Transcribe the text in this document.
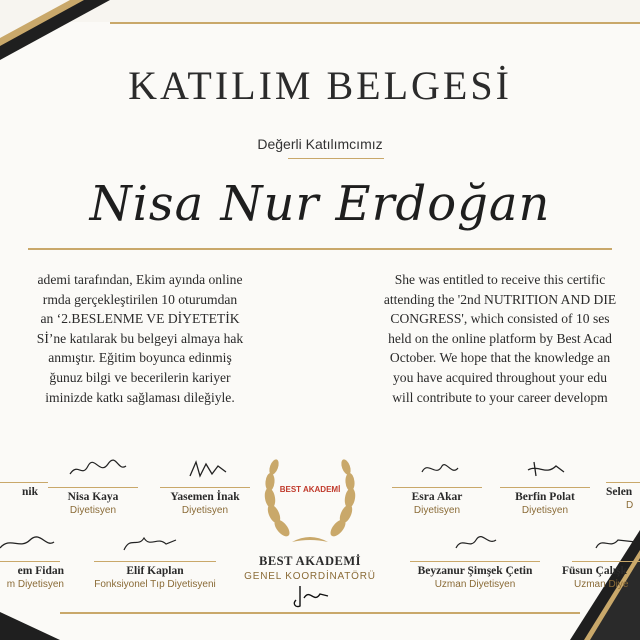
KATILIM BELGESİ
Değerli Katılımcımız
Nisa Nur Erdoğan
ademi tarafından, Ekim ayında online
rmda gerçekleştirilen 10 oturumdan
an ‘2.BESLENME VE DİYETETİK
Sİ’ne katılarak bu belgeyi almaya hak
anmıştır. Eğitim boyunca edinmiş
ğunuz bilgi ve becerilerin kariyer
iminizde katkı sağlaması dileğiyle.
She was entitled to receive this certific
attending the '2nd NUTRITION AND DIE
CONGRESS', which consisted of 10 ses
held on the online platform by Best Acad
October. We hope that the knowledge an
you have acquired throughout your edu
will contribute to your career developm
nik	Nisa Kaya
Diyetisyen
Yasemen İnak
Diyetisyen
Esra Akar
Diyetisyen
Berfin Polat
Diyetisyen
Selen
D
em Fidan
m Diyetisyen
Elif Kaplan
Fonksiyonel Tıp Diyetisyeni
Beyzanur Şimşek Çetin
Uzman Diyetisyen
Füsun Çalışk
Uzman Diye
BEST AKADEMİ
BEST AKADEMİ
GENEL KOORDİNATÖRÜ
